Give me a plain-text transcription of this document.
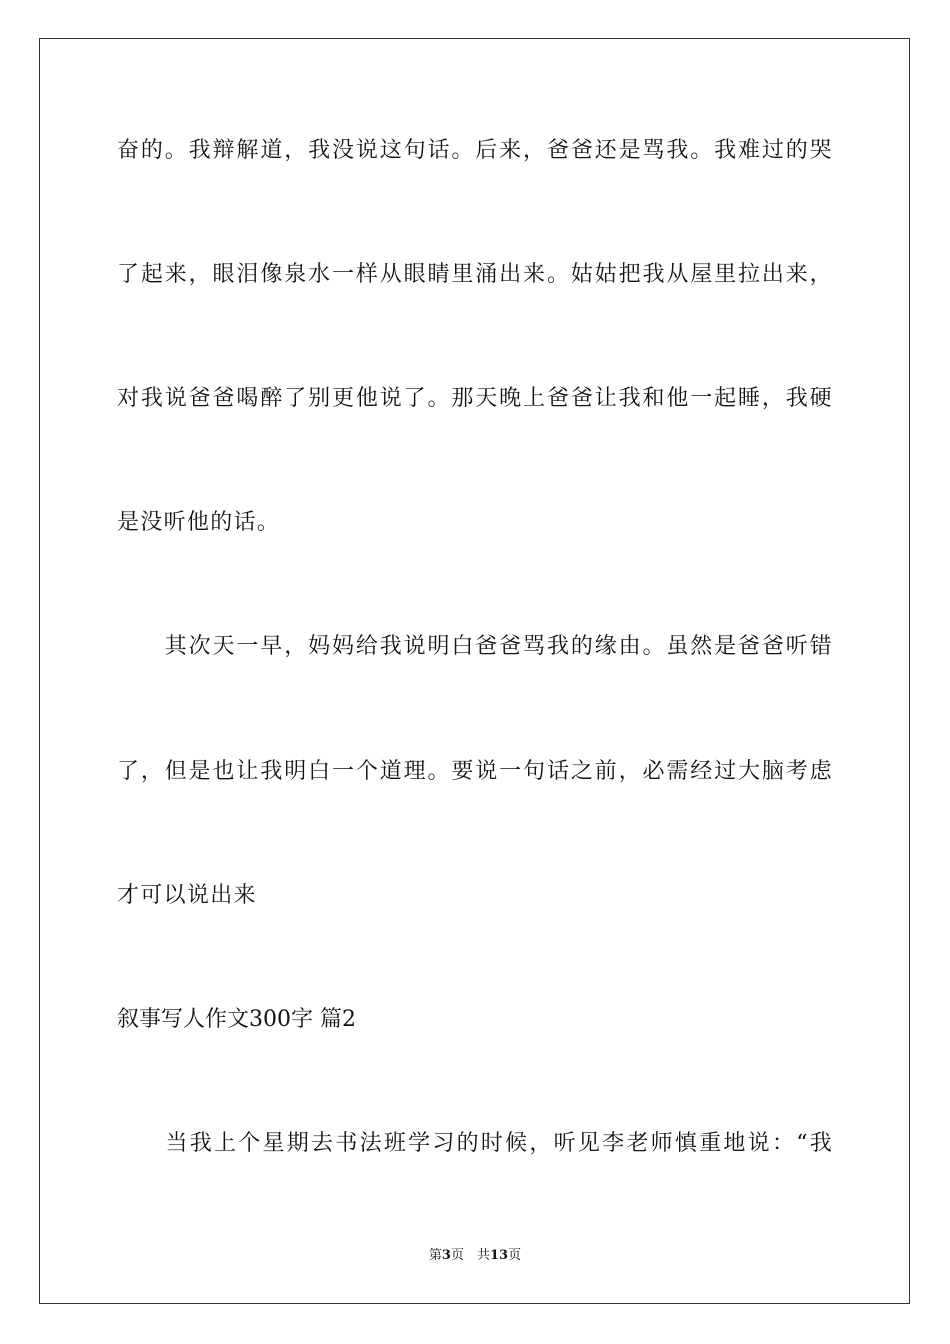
奋的。我辩解道，我没说这句话。后来，爸爸还是骂我。我难过的哭
了起来，眼泪像泉水一样从眼睛里涌出来。姑姑把我从屋里拉出来，
对我说爸爸喝醉了别更他说了。那天晚上爸爸让我和他一起睡，我硬
是没听他的话。
　　其次天一早，妈妈给我说明白爸爸骂我的缘由。虽然是爸爸听错
了，但是也让我明白一个道理。要说一句话之前，必需经过大脑考虑
才可以说出来
叙事写人作文300字 篇2
　　当我上个星期去书法班学习的时候，听见李老师慎重地说：“我
第3页　共13页
